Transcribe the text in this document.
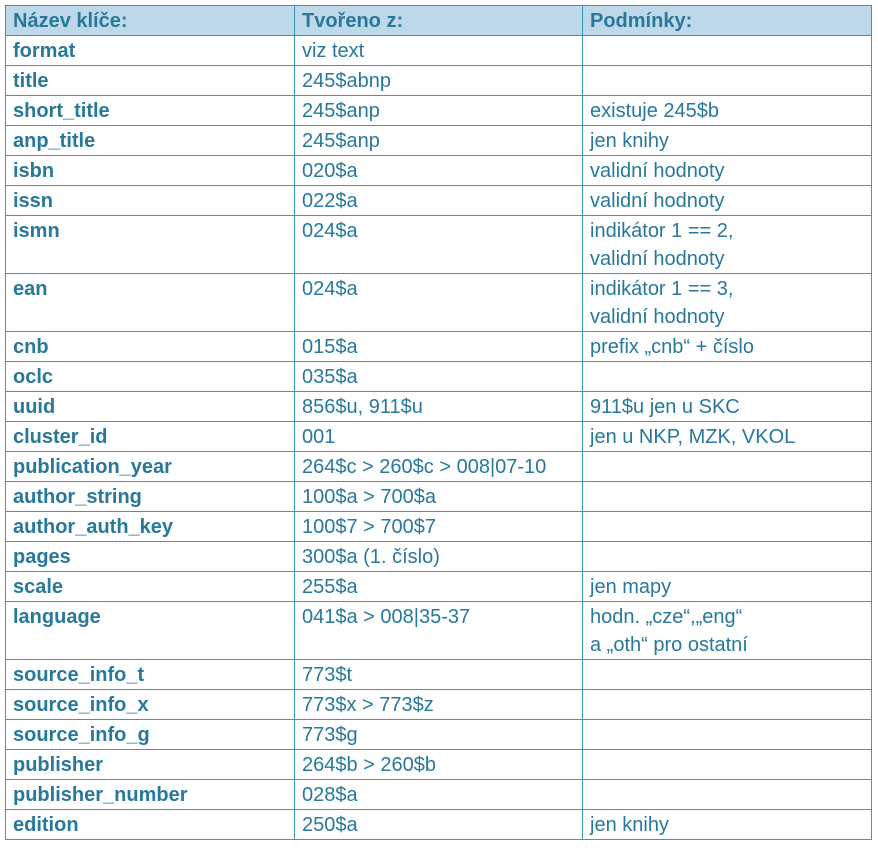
Název klíče:	Tvořeno z:	Podmínky:
format	viz text	
title	245$abnp	
short_title	245$anp	existuje 245$b

anp_title	245$anp	jen knihy

isbn	020$a	validní hodnoty

issn	022$a	validní hodnoty

ismn	024$a	indikátor 1 == 2,
validní hodnoty

ean	024$a	indikátor 1 == 3,
validní hodnoty

cnb	015$a	prefix „cnb“ + číslo

oclc	035$a	
uuid	856$u, 911$u	911$u jen u SKC

cluster_id	001	jen u NKP, MZK, VKOL

publication_year	264$c > 260$c > 008|07-10	
author_string	100$a > 700$a	
author_auth_key	100$7 > 700$7	
pages	300$a (1. číslo)	
scale	255$a	jen mapy

language	041$a > 008|35-37	hodn. „cze“,„eng“
a „oth“ pro ostatní

source_info_t	773$t	
source_info_x	773$x > 773$z	
source_info_g	773$g	
publisher	264$b > 260$b	
publisher_number	028$a	
edition	250$a	jen knihy
